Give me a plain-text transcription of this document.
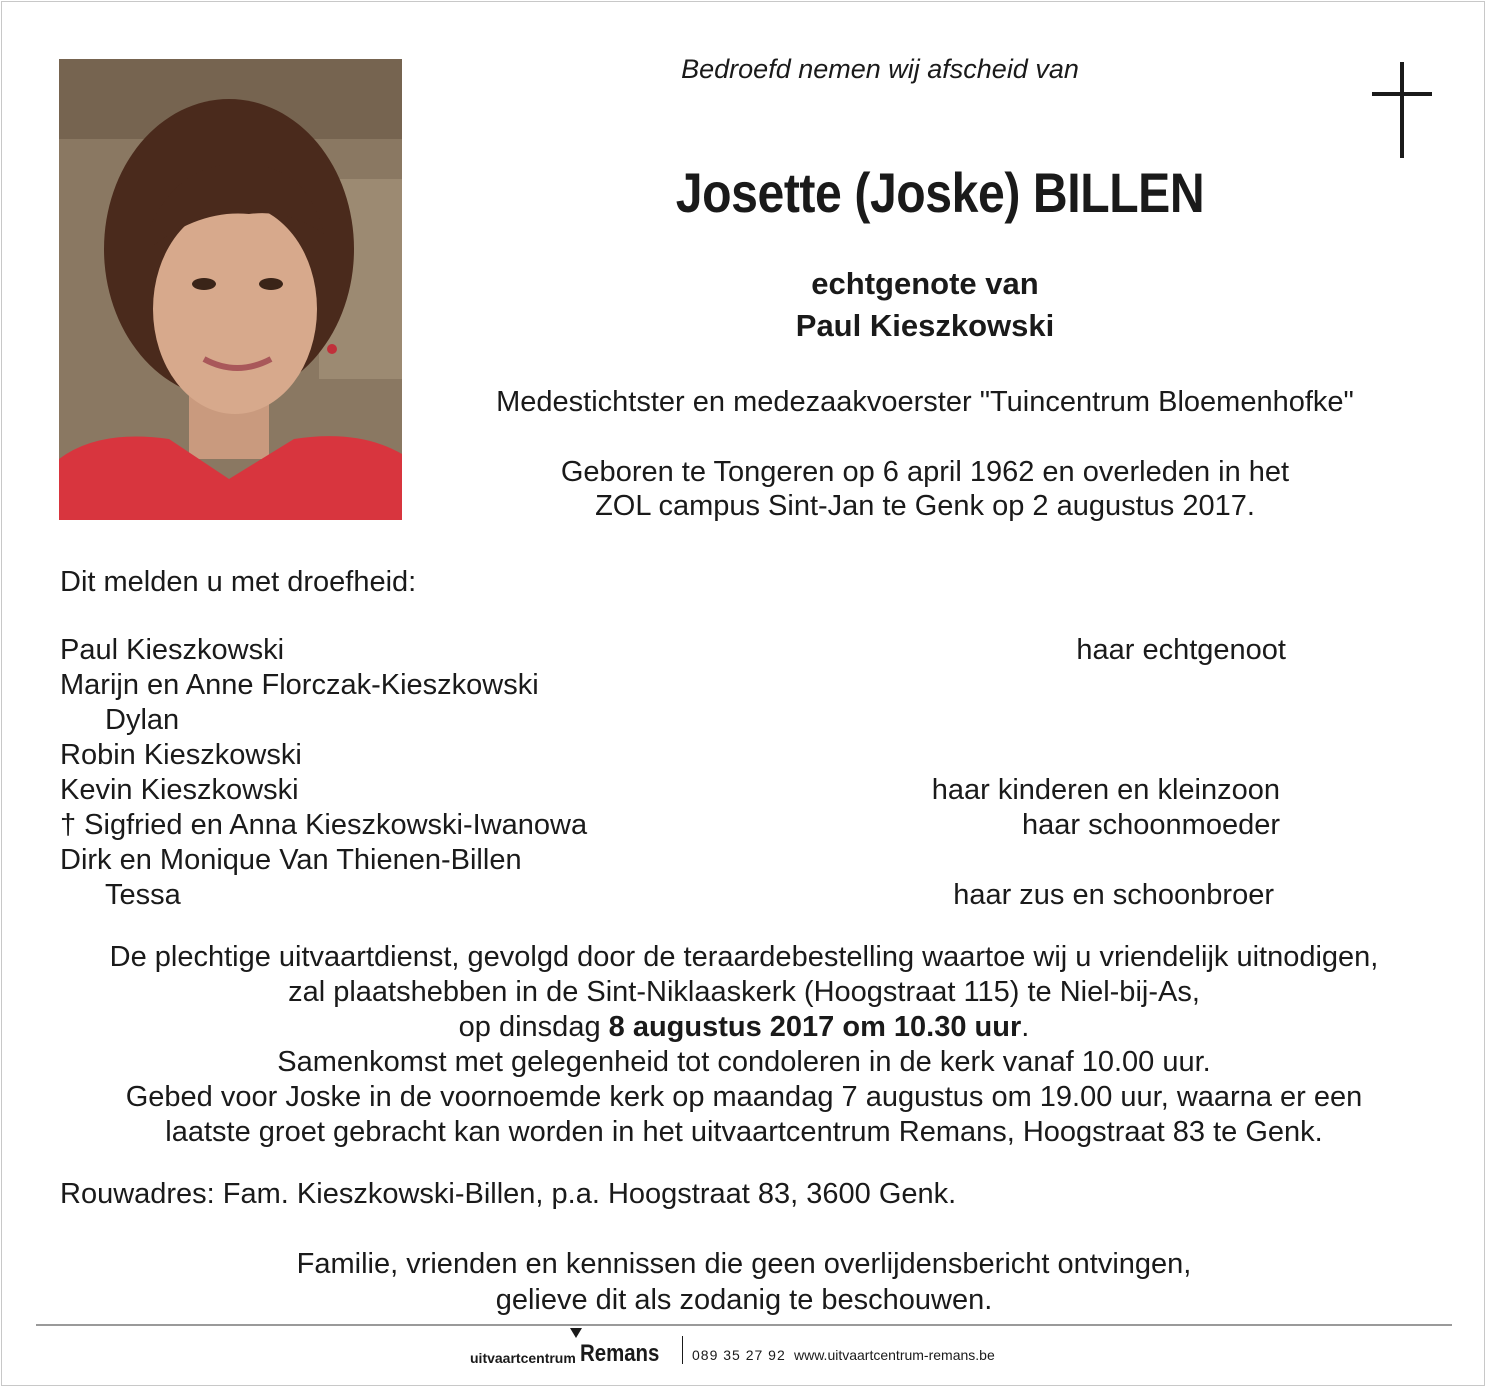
Bedroefd nemen wij afscheid van
Josette (Joske) BILLEN
echtgenote van
Paul Kieszkowski
Medestichtster en medezaakvoerster "Tuincentrum Bloemenhofke"
Geboren te Tongeren op 6 april 1962 en overleden in het
ZOL campus Sint-Jan te Genk op 2 augustus 2017.
Dit melden u met droefheid:
Paul Kieszkowski	haar echtgenoot
Marijn en Anne Florczak-Kieszkowski
Dylan
Robin Kieszkowski
Kevin Kieszkowski	haar kinderen en kleinzoon
† Sigfried en Anna Kieszkowski-Iwanowa	haar schoonmoeder
Dirk en Monique Van Thienen-Billen
Tessa	haar zus en schoonbroer
De plechtige uitvaartdienst, gevolgd door de teraardebestelling waartoe wij u vriendelijk uitnodigen,
zal plaatshebben in de Sint-Niklaaskerk (Hoogstraat 115) te Niel-bij-As,
op dinsdag 8 augustus 2017 om 10.30 uur.
Samenkomst met gelegenheid tot condoleren in de kerk vanaf 10.00 uur.
Gebed voor Joske in de voornoemde kerk op maandag 7 augustus om 19.00 uur, waarna er een
laatste groet gebracht kan worden in het uitvaartcentrum Remans, Hoogstraat 83 te Genk.
Rouwadres: Fam. Kieszkowski-Billen, p.a. Hoogstraat 83, 3600 Genk.
Familie, vrienden en kennissen die geen overlijdensbericht ontvingen,
gelieve dit als zodanig te beschouwen.
uitvaartcentrum Remans 089 35 27 92 www.uitvaartcentrum-remans.be
